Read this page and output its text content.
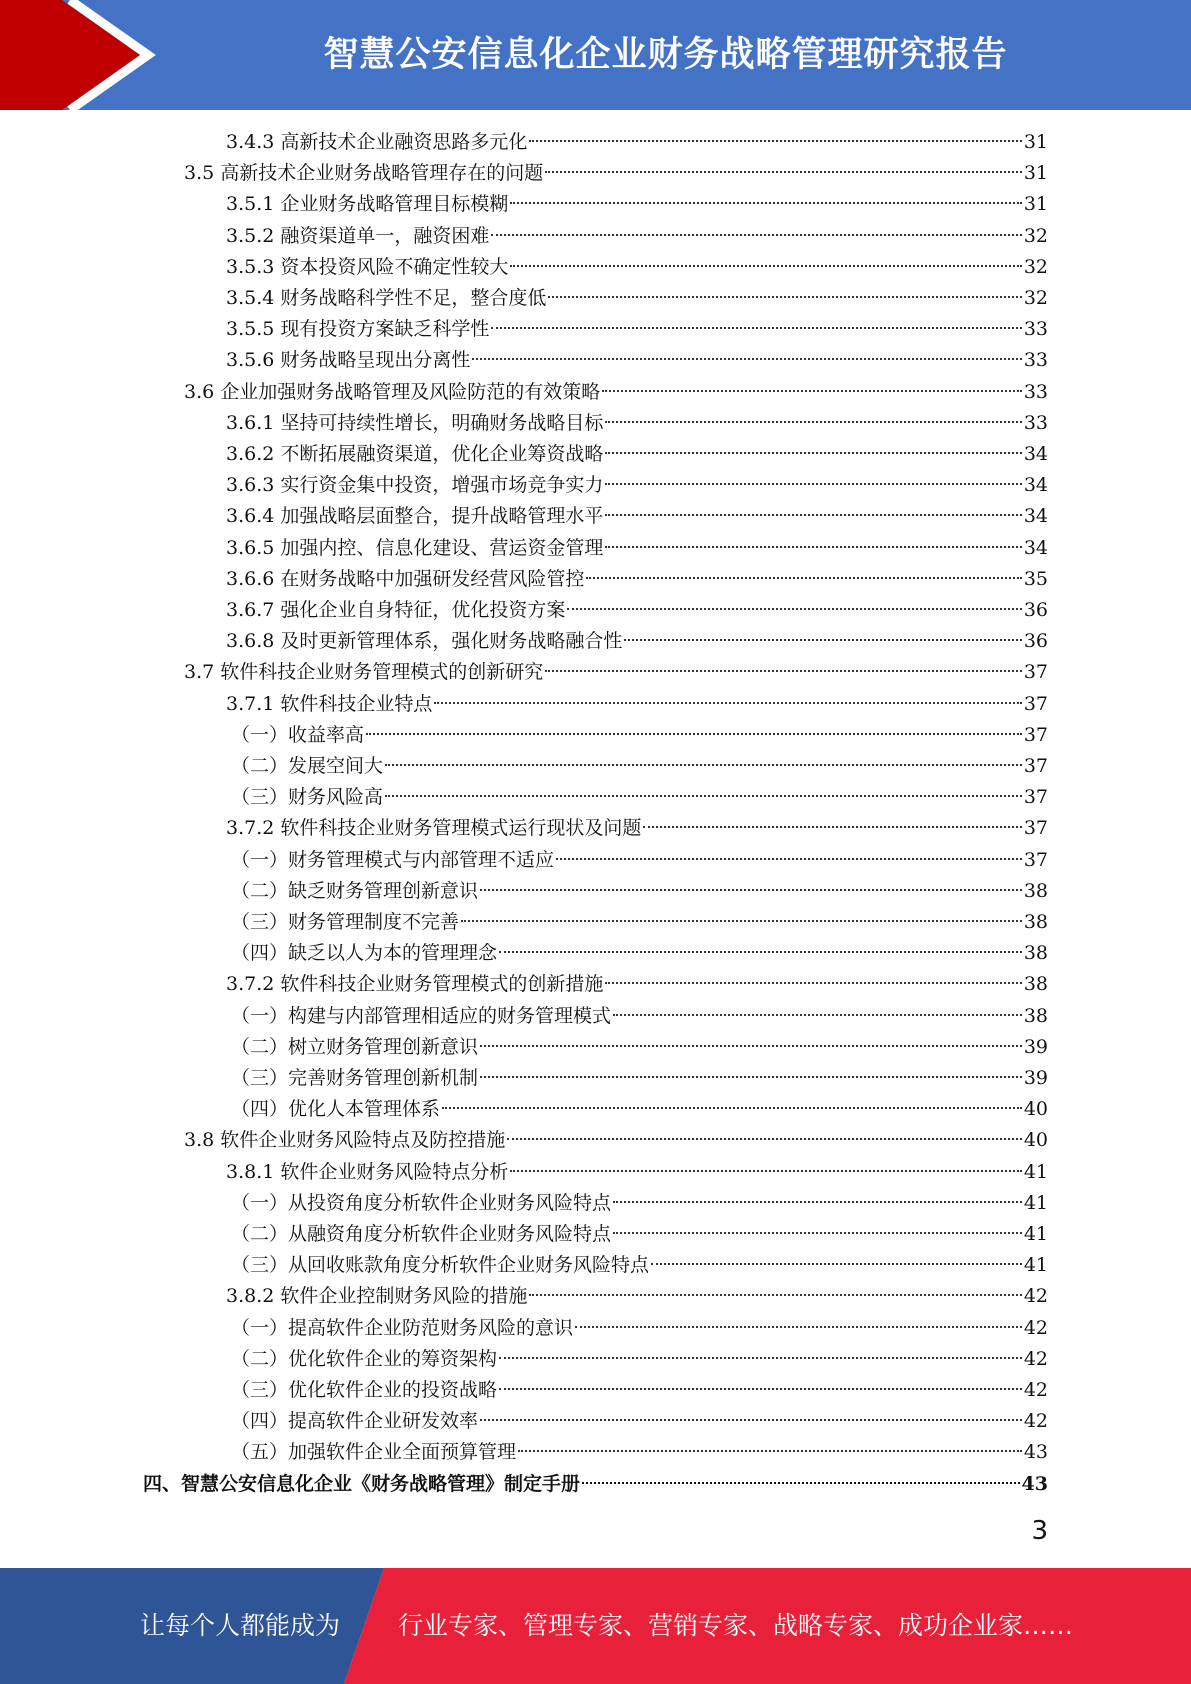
智慧公安信息化企业财务战略管理研究报告
3.4.3 高新技术企业融资思路多元化	31
3.5 高新技术企业财务战略管理存在的问题	31
3.5.1 企业财务战略管理目标模糊	31
3.5.2 融资渠道单一，融资困难	32
3.5.3 资本投资风险不确定性较大	32
3.5.4 财务战略科学性不足，整合度低	32
3.5.5 现有投资方案缺乏科学性	33
3.5.6 财务战略呈现出分离性	33
3.6 企业加强财务战略管理及风险防范的有效策略	33
3.6.1 坚持可持续性增长，明确财务战略目标	33
3.6.2 不断拓展融资渠道，优化企业筹资战略	34
3.6.3 实行资金集中投资，增强市场竞争实力	34
3.6.4 加强战略层面整合，提升战略管理水平	34
3.6.5 加强内控、信息化建设、营运资金管理	34
3.6.6 在财务战略中加强研发经营风险管控	35
3.6.7 强化企业自身特征，优化投资方案	36
3.6.8 及时更新管理体系，强化财务战略融合性	36
3.7 软件科技企业财务管理模式的创新研究	37
3.7.1 软件科技企业特点	37
（一）收益率高	37
（二）发展空间大	37
（三）财务风险高	37
3.7.2 软件科技企业财务管理模式运行现状及问题	37
（一）财务管理模式与内部管理不适应	37
（二）缺乏财务管理创新意识	38
（三）财务管理制度不完善	38
（四）缺乏以人为本的管理理念	38
3.7.2 软件科技企业财务管理模式的创新措施	38
（一）构建与内部管理相适应的财务管理模式	38
（二）树立财务管理创新意识	39
（三）完善财务管理创新机制	39
（四）优化人本管理体系	40
3.8 软件企业财务风险特点及防控措施	40
3.8.1 软件企业财务风险特点分析	41
（一）从投资角度分析软件企业财务风险特点	41
（二）从融资角度分析软件企业财务风险特点	41
（三）从回收账款角度分析软件企业财务风险特点	41
3.8.2 软件企业控制财务风险的措施	42
（一）提高软件企业防范财务风险的意识	42
（二）优化软件企业的筹资架构	42
（三）优化软件企业的投资战略	42
（四）提高软件企业研发效率	42
（五）加强软件企业全面预算管理	43
四、智慧公安信息化企业《财务战略管理》制定手册	43
3
让每个人都能成为 行业专家、管理专家、营销专家、战略专家、成功企业家……
